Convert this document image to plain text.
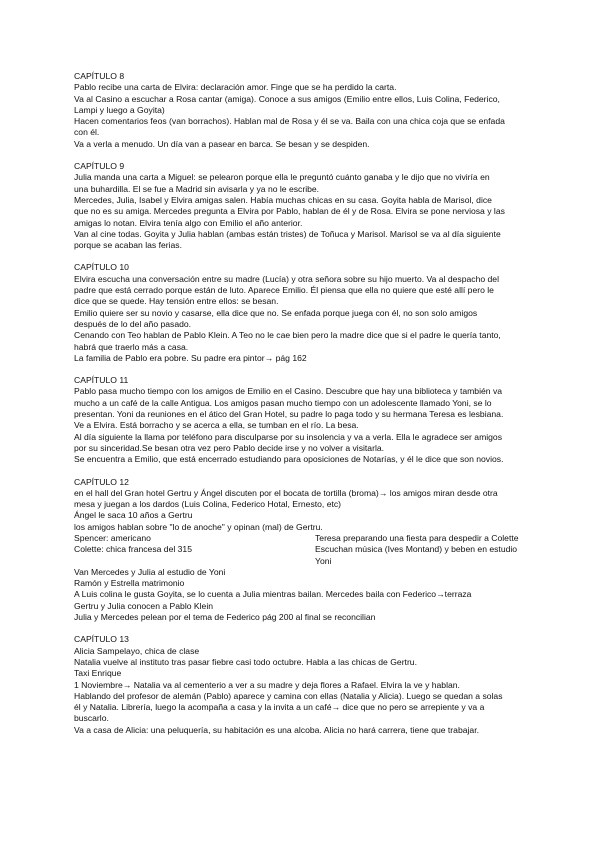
CAPÍTULO 8

Pablo recibe una carta de Elvira: declaración amor. Finge que se ha perdido la carta.

Va al Casino a escuchar a Rosa cantar (amiga). Conoce a sus amigos (Emilio entre ellos, Luis Colina, Federico,

Lampi y luego a Goyita)

Hacen comentarios feos (van borrachos). Hablan mal de Rosa y él se va. Baila con una chica coja que se enfada

con él.

Va a verla a menudo. Un día van a pasear en barca. Se besan y se despiden.

CAPÍTULO 9

Julia manda una carta a Miguel: se pelearon porque ella le preguntó cuánto ganaba y le dijo que no viviría en

una buhardilla. El se fue a Madrid sin avisarla y ya no le escribe.

Mercedes, Julia, Isabel y Elvira amigas salen. Había muchas chicas en su casa. Goyita habla de Marisol, dice

que no es su amiga. Mercedes pregunta a Elvira por Pablo, hablan de él y de Rosa. Elvira se pone nerviosa y las

amigas lo notan. Elvira tenía algo con Emilio el año anterior.

Van al cine todas. Goyita y Julia hablan (ambas están tristes) de Toñuca y Marisol. Marisol se va al día siguiente

porque se acaban las ferias.

CAPÍTULO 10

Elvira escucha una conversación entre su madre (Lucía) y otra señora sobre su hijo muerto. Va al despacho del

padre que está cerrado porque están de luto. Aparece Emilio. Él piensa que ella no quiere que esté allí pero le

dice que se quede. Hay tensión entre ellos: se besan.

Emilio quiere ser su novio y casarse, ella dice que no. Se enfada porque juega con él, no son solo amigos

después de lo del año pasado.

Cenando con Teo hablan de Pablo Klein. A Teo no le cae bien pero la madre dice que si el padre le quería tanto,

habrá que traerlo más a casa.

La familia de Pablo era pobre. Su padre era pintor→ pág 162

CAPÍTULO 11

Pablo pasa mucho tiempo con los amigos de Emilio en el Casino. Descubre que hay una biblioteca y también va

mucho a un café de la calle Antigua. Los amigos pasan mucho tiempo con un adolescente llamado Yoni, se lo

presentan. Yoni da reuniones en el ático del Gran Hotel, su padre lo paga todo y su hermana Teresa es lesbiana.

Ve a Elvira. Está borracho y se acerca a ella, se tumban en el río. La besa.

Al día siguiente la llama por teléfono para disculparse por su insolencia y va a verla. Ella le agradece ser amigos

por su sinceridad.Se besan otra vez pero Pablo decide irse y no volver a visitarla.

Se encuentra a Emilio, que está encerrado estudiando para oposiciones de Notarías, y él le dice que son novios.

CAPÍTULO 12

en el hall del Gran hotel Gertru y Ángel discuten por el bocata de tortilla (broma)→ los amigos miran desde otra

mesa y juegan a los dardos (Luis Colina, Federico Hotal, Ernesto, etc)

Ángel le saca 10 años a Gertru

los amigos hablan sobre "lo de anoche" y opinan (mal) de Gertru.

Spencer: americano	Teresa preparando una fiesta para despedir a Colette
Colette: chica francesa del 315	Escuchan música (Ives Montand) y beben en estudio Yoni

Van Mercedes y Julia al estudio de Yoni

Ramón y Estrella matrimonio

A Luis colina le gusta Goyita, se lo cuenta a Julia mientras bailan. Mercedes baila con Federico→terraza

Gertru y Julia conocen a Pablo Klein

Julia y Mercedes pelean por el tema de Federico pág 200 al final se reconcilian

CAPÍTULO 13

Alicia Sampelayo, chica de clase

Natalia vuelve al instituto tras pasar fiebre casi todo octubre. Habla a las chicas de Gertru.

Taxi Enrique

1 Noviembre→ Natalia va al cementerio a ver a su madre y deja flores a Rafael. Elvira la ve y hablan.

Hablando del profesor de alemán (Pablo) aparece y camina con ellas (Natalia y Alicia). Luego se quedan a solas

él y Natalia. Librería, luego la acompaña a casa y la invita a un café→ dice que no pero se arrepiente y va a

buscarlo.

Va a casa de Alicia: una peluquería, su habitación es una alcoba. Alicia no hará carrera, tiene que trabajar.
